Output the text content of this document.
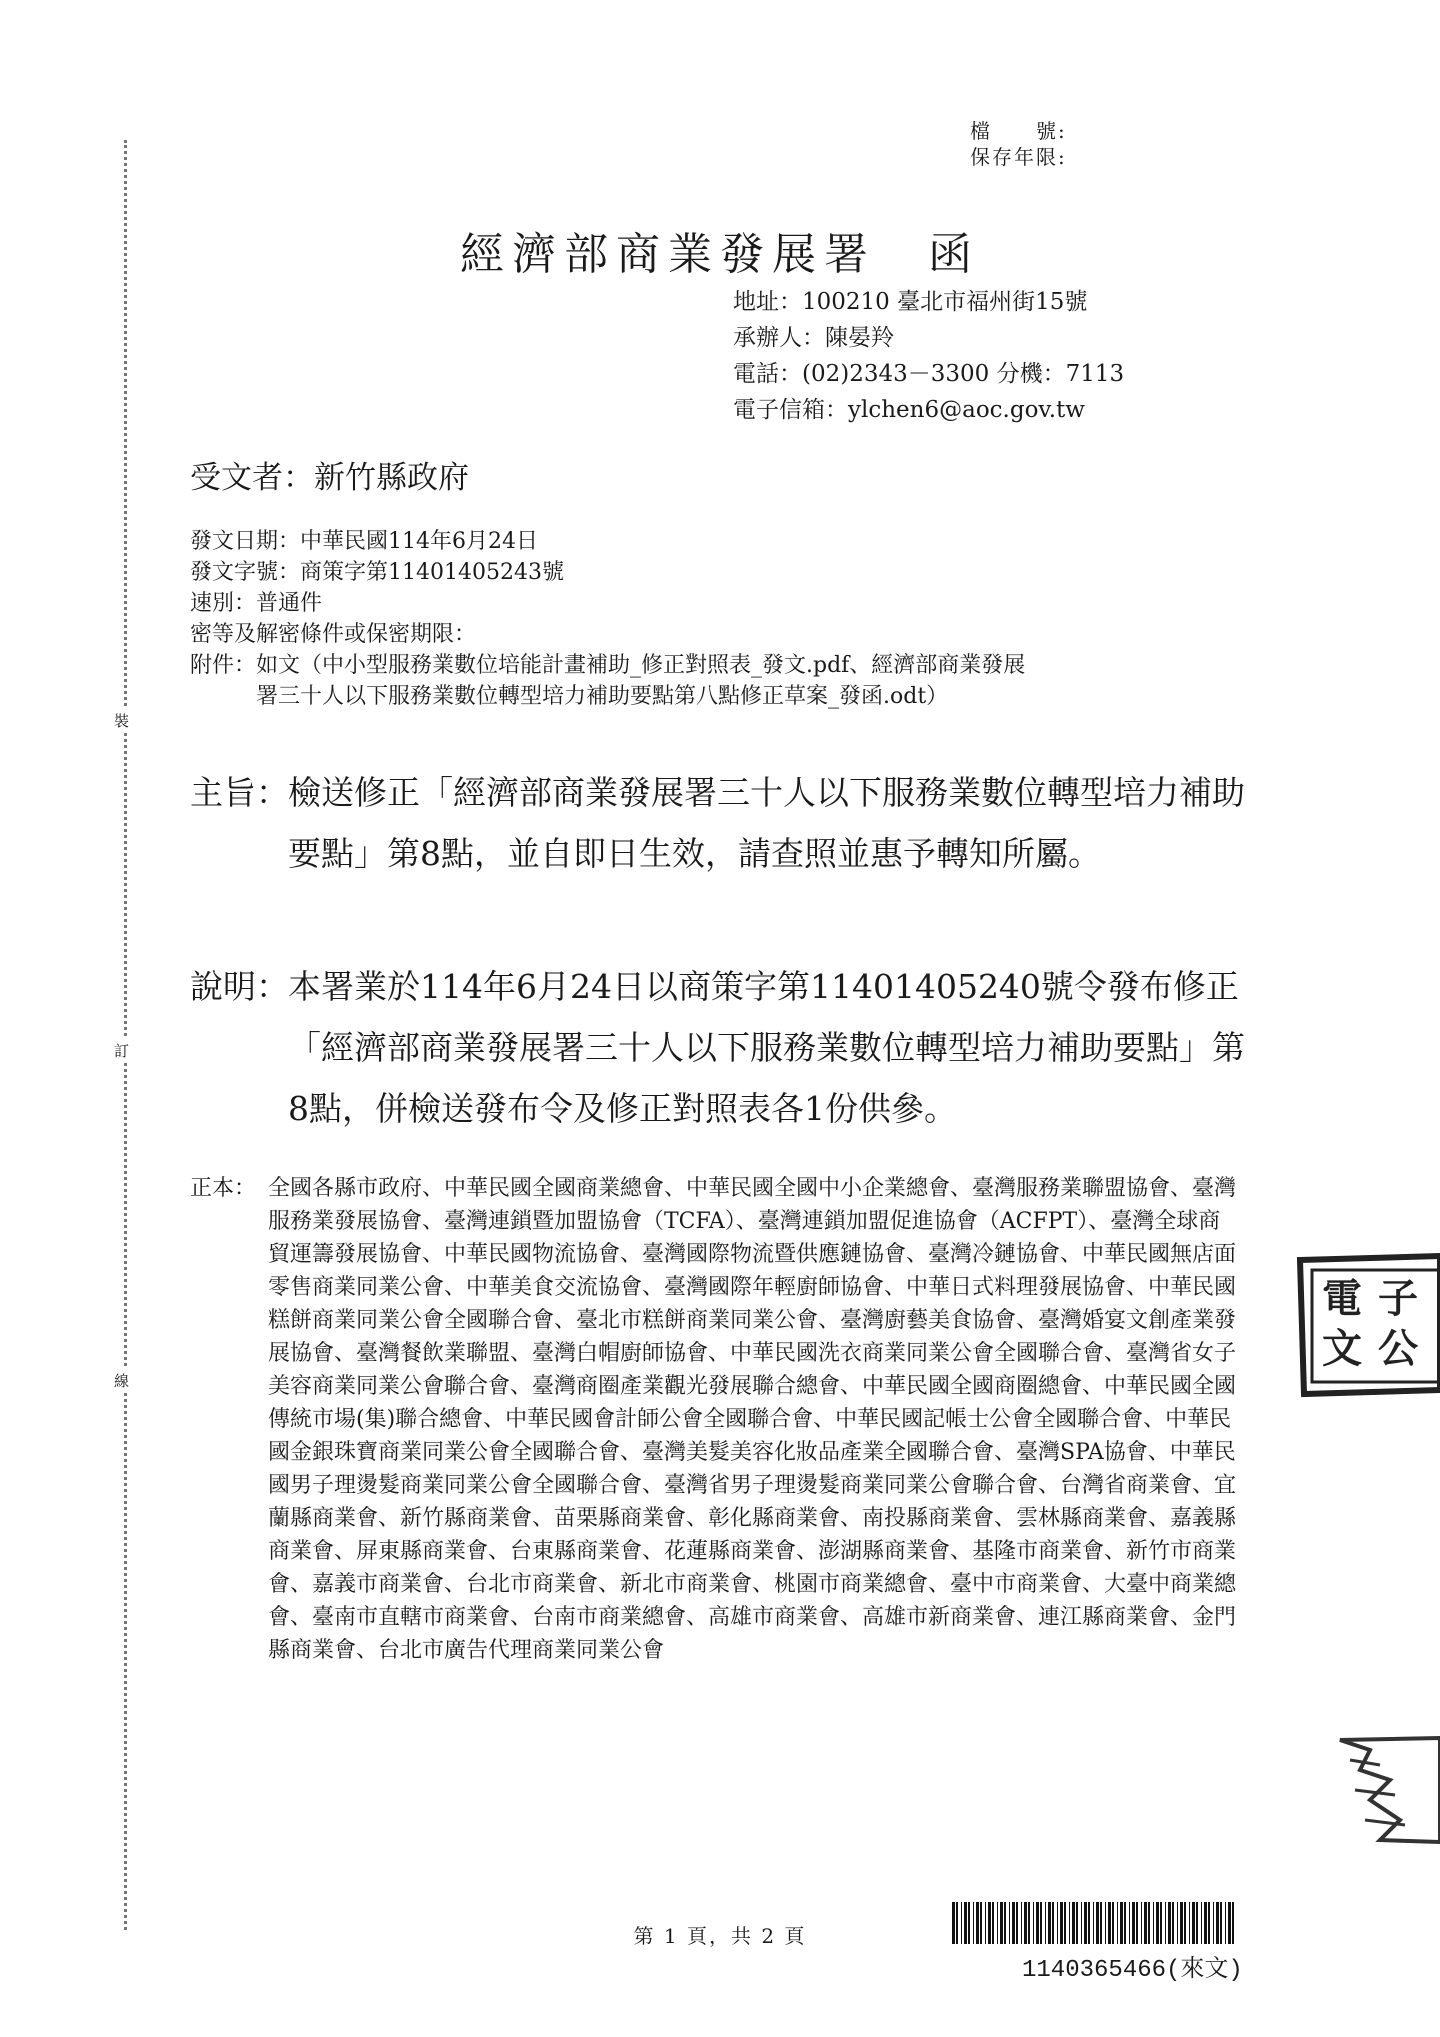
裝
訂
線
檔　　號:
保存年限:
經濟部商業發展署　函
地址：100210 臺北市福州街15號
承辦人：陳晏羚
電話：(02)2343－3300 分機：7113
電子信箱：ylchen6@aoc.gov.tw
受文者：新竹縣政府
發文日期：中華民國114年6月24日
發文字號：商策字第11401405243號
速別：普通件
密等及解密條件或保密期限：
附件：如文（中小型服務業數位培能計畫補助_修正對照表_發文.pdf、經濟部商業發展
署三十人以下服務業數位轉型培力補助要點第八點修正草案_發函.odt）
主旨： 檢送修正「經濟部商業發展署三十人以下服務業數位轉型培力補助要點」第8點，並自即日生效，請查照並惠予轉知所屬。
說明： 本署業於114年6月24日以商策字第11401405240號令發布修正「經濟部商業發展署三十人以下服務業數位轉型培力補助要點」第8點，併檢送發布令及修正對照表各1份供參。
正本： 全國各縣市政府、中華民國全國商業總會、中華民國全國中小企業總會、臺灣服務業聯盟協會、臺灣服務業發展協會、臺灣連鎖暨加盟協會（TCFA）、臺灣連鎖加盟促進協會（ACFPT）、臺灣全球商貿運籌發展協會、中華民國物流協會、臺灣國際物流暨供應鏈協會、臺灣冷鏈協會、中華民國無店面零售商業同業公會、中華美食交流協會、臺灣國際年輕廚師協會、中華日式料理發展協會、中華民國糕餅商業同業公會全國聯合會、臺北市糕餅商業同業公會、臺灣廚藝美食協會、臺灣婚宴文創產業發展協會、臺灣餐飲業聯盟、臺灣白帽廚師協會、中華民國洗衣商業同業公會全國聯合會、臺灣省女子美容商業同業公會聯合會、臺灣商圈產業觀光發展聯合總會、中華民國全國商圈總會、中華民國全國傳統市場(集)聯合總會、中華民國會計師公會全國聯合會、中華民國記帳士公會全國聯合會、中華民國金銀珠寶商業同業公會全國聯合會、臺灣美髮美容化妝品產業全國聯合會、臺灣SPA協會、中華民國男子理燙髮商業同業公會全國聯合會、臺灣省男子理燙髮商業同業公會聯合會、台灣省商業會、宜蘭縣商業會、新竹縣商業會、苗栗縣商業會、彰化縣商業會、南投縣商業會、雲林縣商業會、嘉義縣商業會、屏東縣商業會、台東縣商業會、花蓮縣商業會、澎湖縣商業會、基隆市商業會、新竹市商業會、嘉義市商業會、台北市商業會、新北市商業會、桃園市商業總會、臺中市商業會、大臺中商業總會、臺南市直轄市商業會、台南市商業總會、高雄市商業會、高雄市新商業會、連江縣商業會、金門縣商業會、台北市廣告代理商業同業公會
電
文
子
公
第 1 頁，共 2 頁
1140365466(來文)
